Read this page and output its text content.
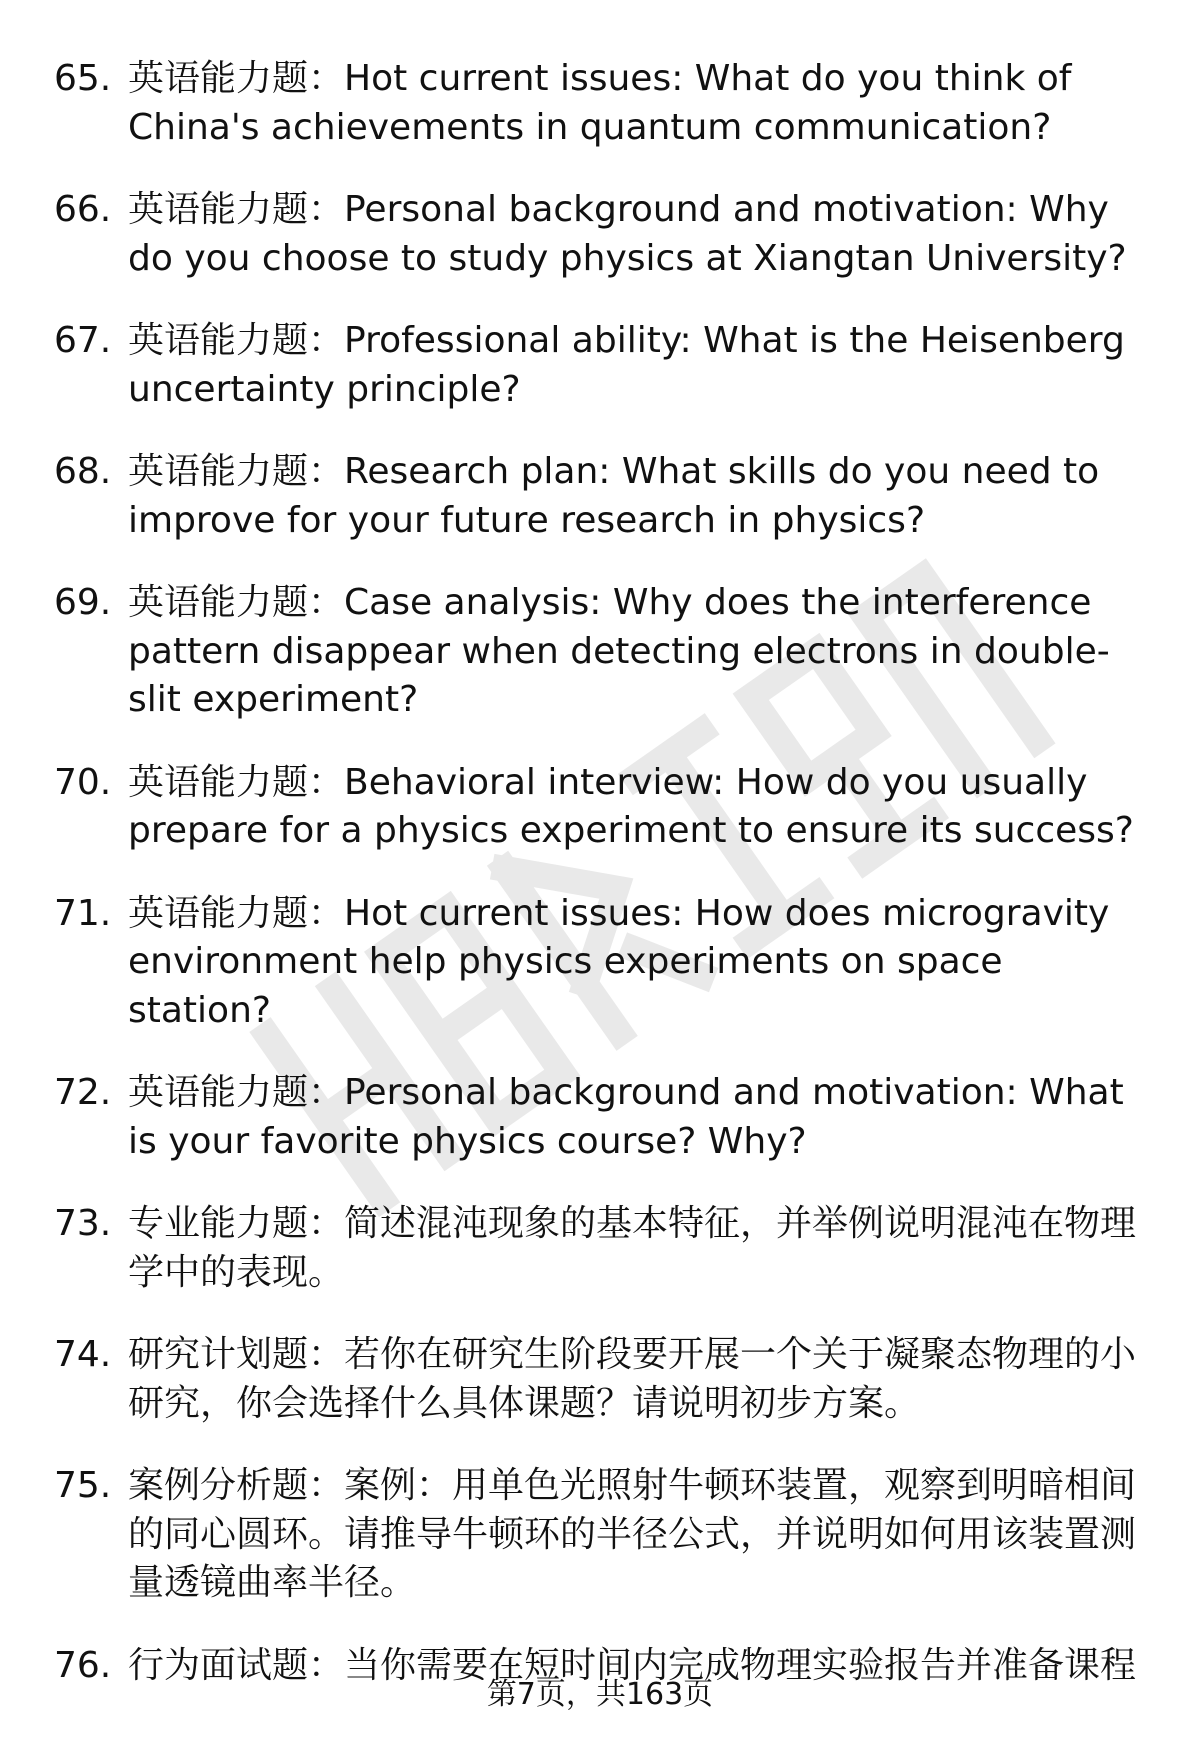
65. 英语能力题：Hot current issues: What do you think of China's achievements in quantum communication?
66. 英语能力题：Personal background and motivation: Why do you choose to study physics at Xiangtan University?
67. 英语能力题：Professional ability: What is the Heisenberg uncertainty principle?
68. 英语能力题：Research plan: What skills do you need to improve for your future research in physics?
69. 英语能力题：Case analysis: Why does the interference pattern disappear when detecting electrons in double-slit experiment?
70. 英语能力题：Behavioral interview: How do you usually prepare for a physics experiment to ensure its success?
71. 英语能力题：Hot current issues: How does microgravity environment help physics experiments on space station?
72. 英语能力题：Personal background and motivation: What is your favorite physics course? Why?
73. 专业能力题：简述混沌现象的基本特征，并举例说明混沌在物理学中的表现。
74. 研究计划题：若你在研究生阶段要开展一个关于凝聚态物理的小研究，你会选择什么具体课题？请说明初步方案。
75. 案例分析题：案例：用单色光照射牛顿环装置，观察到明暗相间的同心圆环。请推导牛顿环的半径公式，并说明如何用该装置测量透镜曲率半径。
76. 行为面试题：当你需要在短时间内完成物理实验报告并准备课程
第7页，共163页
